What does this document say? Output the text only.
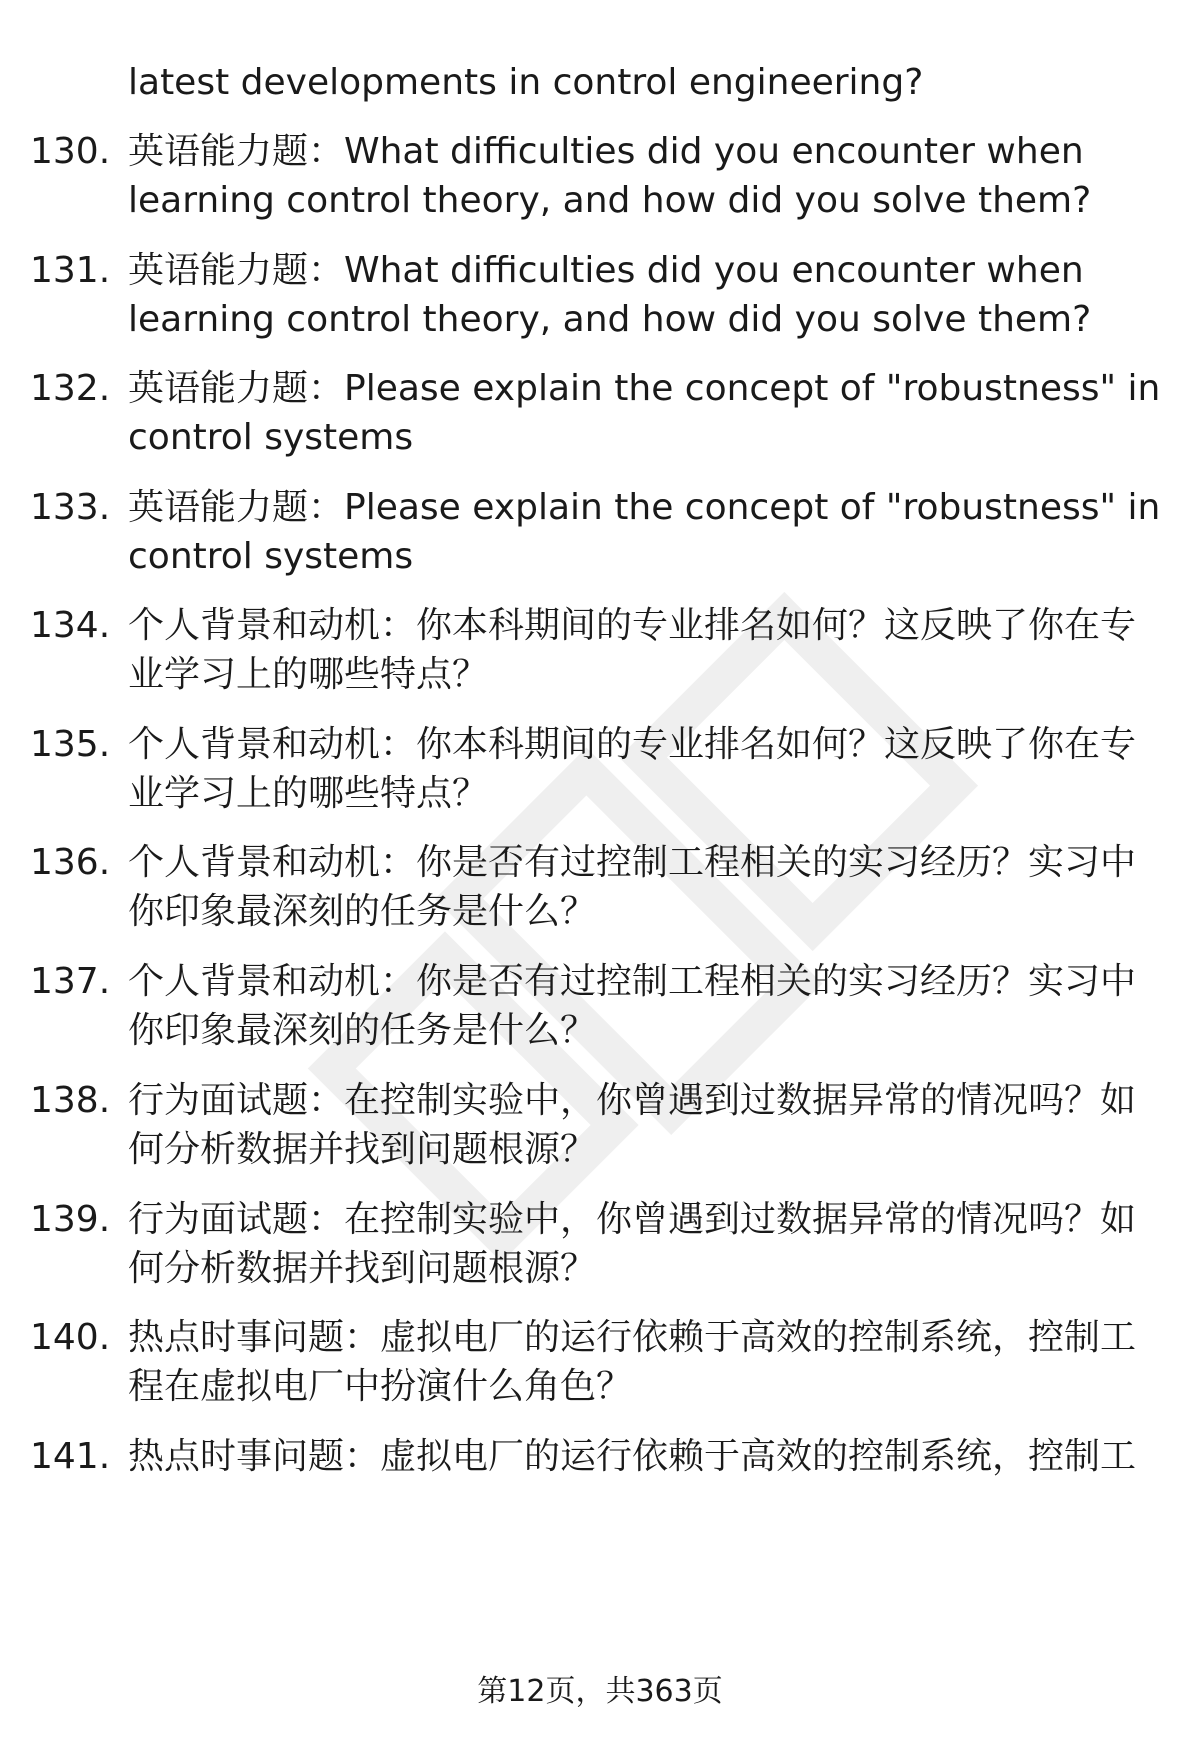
latest developments in control engineering?
130. 英语能力题：What difficulties did you encounter when
learning control theory, and how did you solve them?
131. 英语能力题：What difficulties did you encounter when
learning control theory, and how did you solve them?
132. 英语能力题：Please explain the concept of "robustness" in
control systems
133. 英语能力题：Please explain the concept of "robustness" in
control systems
134. 个人背景和动机：你本科期间的专业排名如何？这反映了你在专
业学习上的哪些特点？
135. 个人背景和动机：你本科期间的专业排名如何？这反映了你在专
业学习上的哪些特点？
136. 个人背景和动机：你是否有过控制工程相关的实习经历？实习中
你印象最深刻的任务是什么？
137. 个人背景和动机：你是否有过控制工程相关的实习经历？实习中
你印象最深刻的任务是什么？
138. 行为面试题：在控制实验中，你曾遇到过数据异常的情况吗？如
何分析数据并找到问题根源？
139. 行为面试题：在控制实验中，你曾遇到过数据异常的情况吗？如
何分析数据并找到问题根源？
140. 热点时事问题：虚拟电厂的运行依赖于高效的控制系统，控制工
程在虚拟电厂中扮演什么角色？
141. 热点时事问题：虚拟电厂的运行依赖于高效的控制系统，控制工
第12页，共363页
